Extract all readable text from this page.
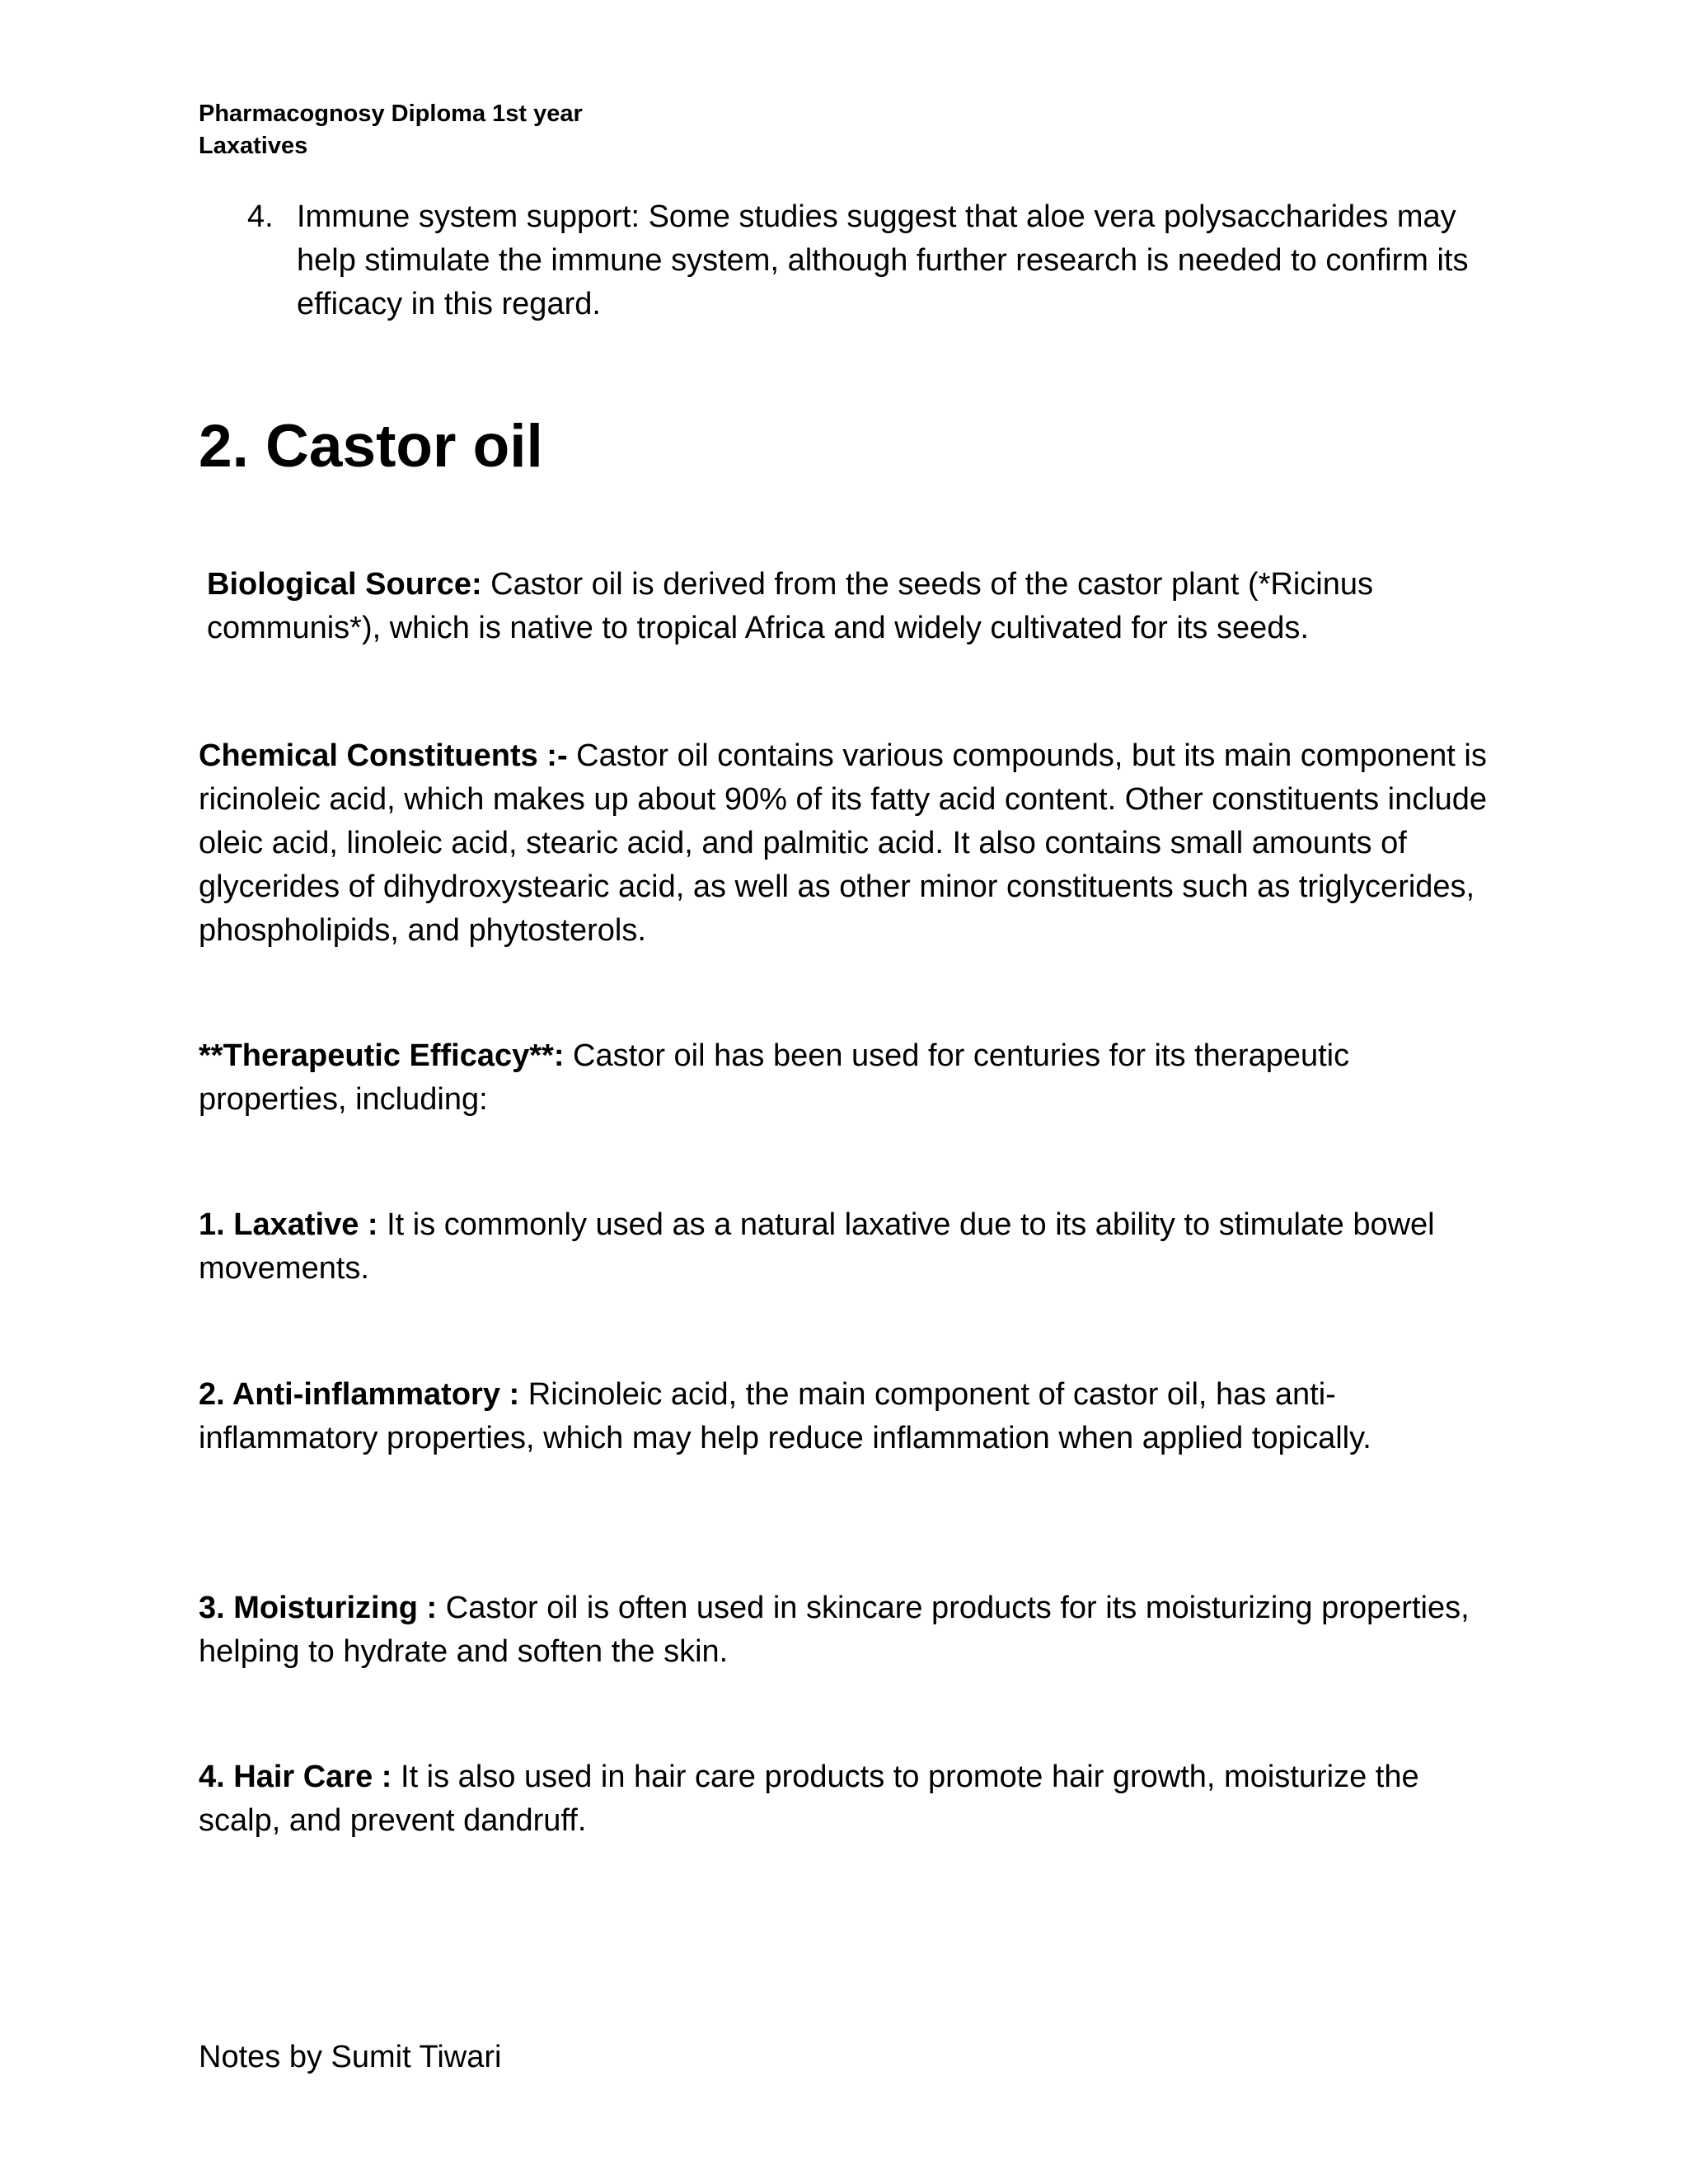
Pharmacognosy Diploma 1st year
Laxatives
4. Immune system support: Some studies suggest that aloe vera polysaccharides may help stimulate the immune system, although further research is needed to confirm its efficacy in this regard.
2. Castor oil

Biological Source: Castor oil is derived from the seeds of the castor plant (*Ricinus communis*), which is native to tropical Africa and widely cultivated for its seeds.

Chemical Constituents :- Castor oil contains various compounds, but its main component is ricinoleic acid, which makes up about 90% of its fatty acid content. Other constituents include oleic acid, linoleic acid, stearic acid, and palmitic acid. It also contains small amounts of glycerides of dihydroxystearic acid, as well as other minor constituents such as triglycerides, phospholipids, and phytosterols.

**Therapeutic Efficacy**: Castor oil has been used for centuries for its therapeutic properties, including:

1. Laxative : It is commonly used as a natural laxative due to its ability to stimulate bowel movements.

2. Anti-inflammatory : Ricinoleic acid, the main component of castor oil, has anti-inflammatory properties, which may help reduce inflammation when applied topically.

3. Moisturizing : Castor oil is often used in skincare products for its moisturizing properties, helping to hydrate and soften the skin.

4. Hair Care : It is also used in hair care products to promote hair growth, moisturize the scalp, and prevent dandruff.

Notes by Sumit Tiwari
